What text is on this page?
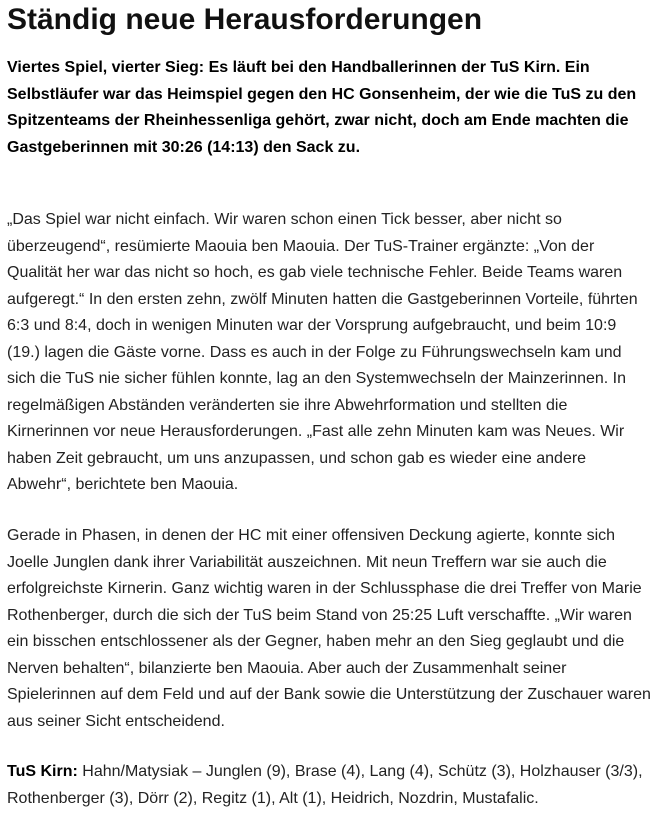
Ständig neue Herausforderungen

Viertes Spiel, vierter Sieg: Es läuft bei den Handballerinnen der TuS Kirn. Ein Selbstläufer war das Heimspiel gegen den HC Gonsenheim, der wie die TuS zu den Spitzenteams der Rheinhessenliga gehört, zwar nicht, doch am Ende machten die Gastgeberinnen mit 30:26 (14:13) den Sack zu.

„Das Spiel war nicht einfach. Wir waren schon einen Tick besser, aber nicht so überzeugend“, resümierte Maouia ben Maouia. Der TuS-Trainer ergänzte: „Von der Qualität her war das nicht so hoch, es gab viele technische Fehler. Beide Teams waren aufgeregt.“ In den ersten zehn, zwölf Minuten hatten die Gastgeberinnen Vorteile, führten 6:3 und 8:4, doch in wenigen Minuten war der Vorsprung aufgebraucht, und beim 10:9 (19.) lagen die Gäste vorne. Dass es auch in der Folge zu Führungswechseln kam und sich die TuS nie sicher fühlen konnte, lag an den Systemwechseln der Mainzerinnen. In regelmäßigen Abständen veränderten sie ihre Abwehrformation und stellten die Kirnerinnen vor neue Herausforderungen. „Fast alle zehn Minuten kam was Neues. Wir haben Zeit gebraucht, um uns anzupassen, und schon gab es wieder eine andere Abwehr“, berichtete ben Maouia.

Gerade in Phasen, in denen der HC mit einer offensiven Deckung agierte, konnte sich Joelle Junglen dank ihrer Variabilität auszeichnen. Mit neun Treffern war sie auch die erfolgreichste Kirnerin. Ganz wichtig waren in der Schlussphase die drei Treffer von Marie Rothenberger, durch die sich der TuS beim Stand von 25:25 Luft verschaffte. „Wir waren ein bisschen entschlossener als der Gegner, haben mehr an den Sieg geglaubt und die Nerven behalten“, bilanzierte ben Maouia. Aber auch der Zusammenhalt seiner Spielerinnen auf dem Feld und auf der Bank sowie die Unterstützung der Zuschauer waren aus seiner Sicht entscheidend.

TuS Kirn: Hahn/Matysiak – Junglen (9), Brase (4), Lang (4), Schütz (3), Holzhauser (3/3), Rothenberger (3), Dörr (2), Regitz (1), Alt (1), Heidrich, Nozdrin, Mustafalic.
